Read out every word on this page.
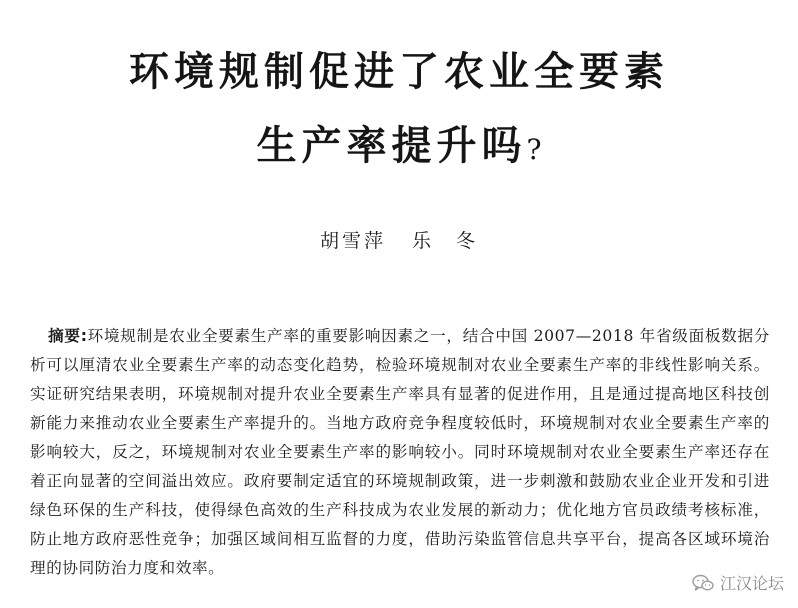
环境规制促进了农业全要素
生产率提升吗?
胡雪萍 乐　冬
摘要:环境规制是农业全要素生产率的重要影响因素之一，结合中国 2007—2018 年省级面板数据分析可以厘清农业全要素生产率的动态变化趋势，检验环境规制对农业全要素生产率的非线性影响关系。实证研究结果表明，环境规制对提升农业全要素生产率具有显著的促进作用，且是通过提高地区科技创新能力来推动农业全要素生产率提升的。当地方政府竞争程度较低时，环境规制对农业全要素生产率的影响较大，反之，环境规制对农业全要素生产率的影响较小。同时环境规制对农业全要素生产率还存在着正向显著的空间溢出效应。政府要制定适宜的环境规制政策，进一步刺激和鼓励农业企业开发和引进绿色环保的生产科技，使得绿色高效的生产科技成为农业发展的新动力；优化地方官员政绩考核标准，防止地方政府恶性竞争；加强区域间相互监督的力度，借助污染监管信息共享平台，提高各区域环境治理的协同防治力度和效率。
江汉论坛
